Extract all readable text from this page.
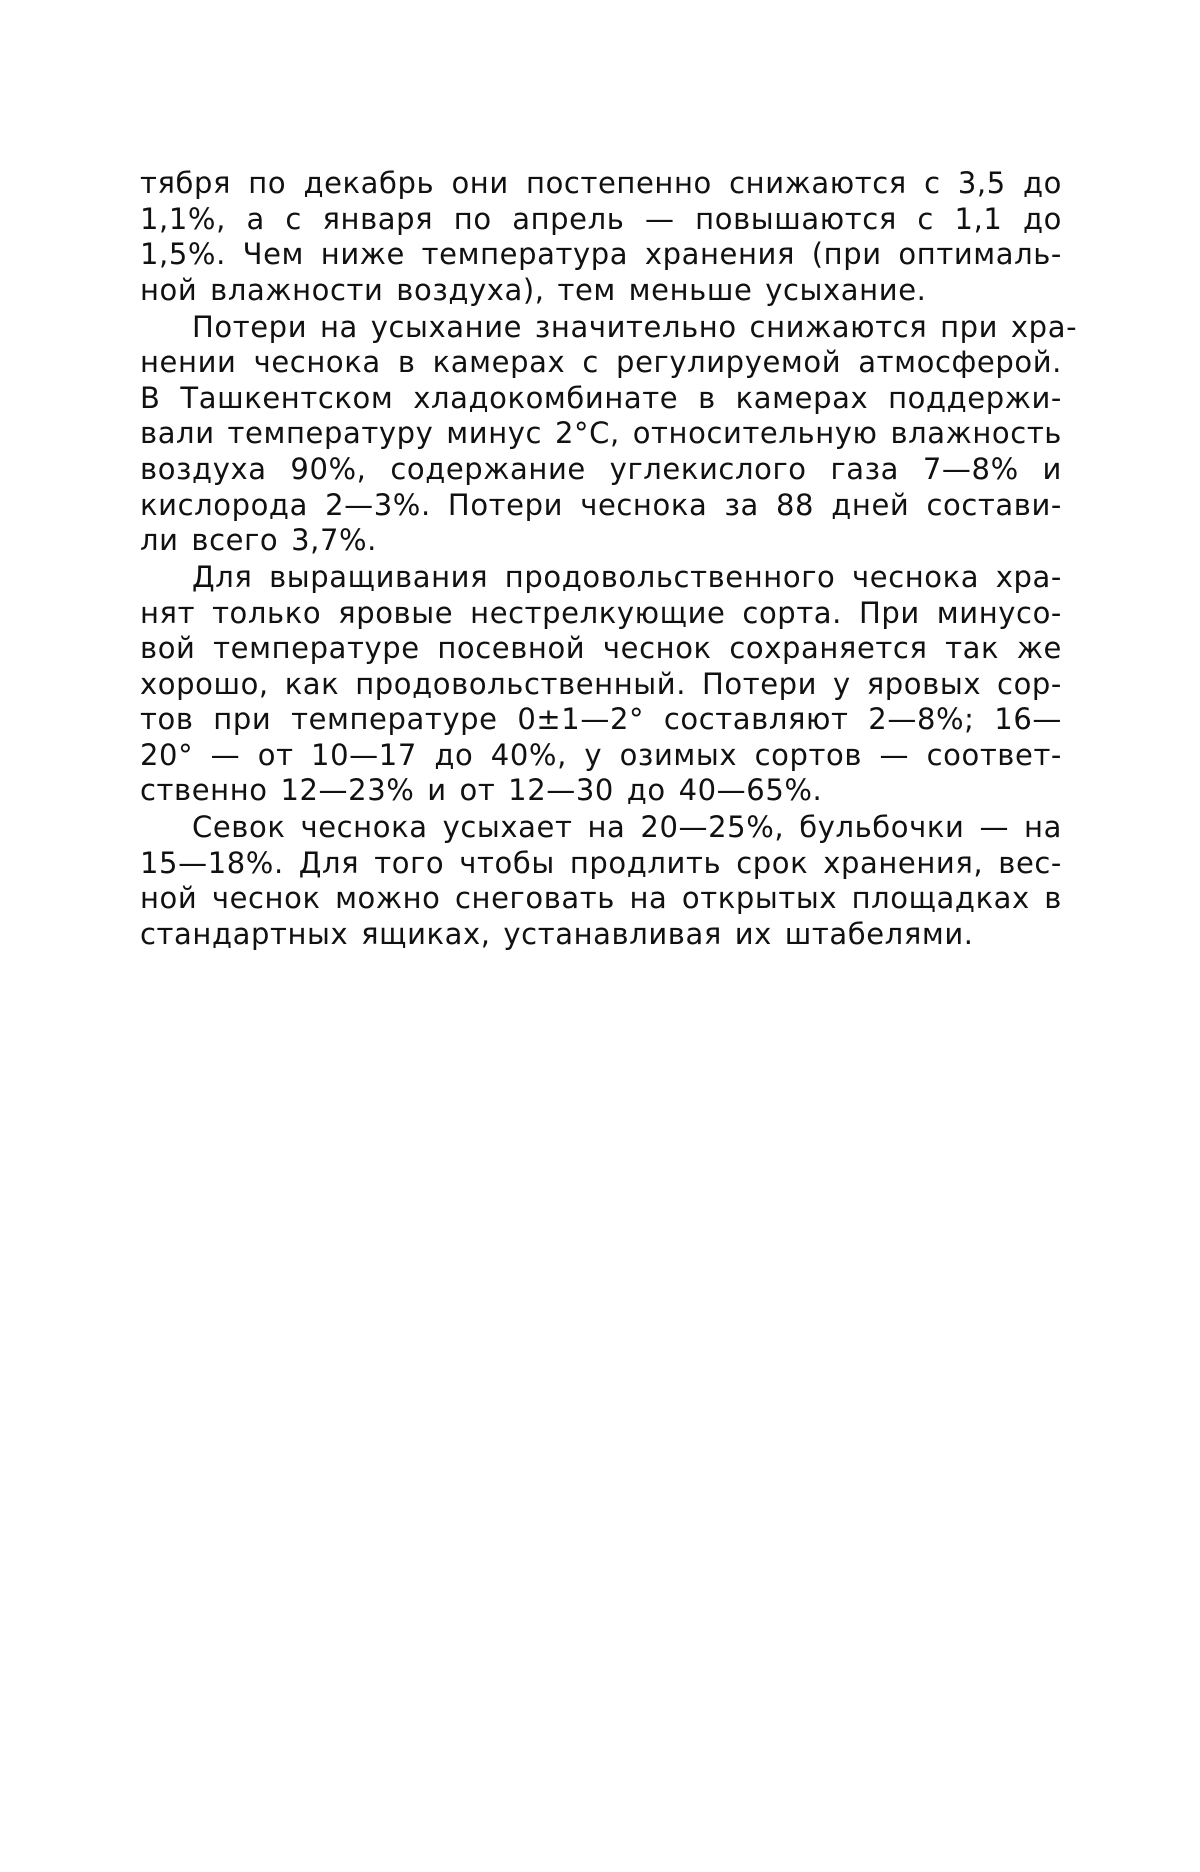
тября по декабрь они постепенно снижаются с 3,5 до
1,1%, а с января по апрель — повышаются с 1,1 до
1,5%. Чем ниже температура хранения (при оптималь-
ной влажности воздуха), тем меньше усыхание.
Потери на усыхание значительно снижаются при хра-
нении чеснока в камерах с регулируемой атмосферой.
В Ташкентском хладокомбинате в камерах поддержи-
вали температуру минус 2°С, относительную влажность
воздуха 90%, содержание углекислого газа 7—8% и
кислорода 2—3%. Потери чеснока за 88 дней состави-
ли всего 3,7%.
Для выращивания продовольственного чеснока хра-
нят только яровые нестрелкующие сорта. При минусо-
вой температуре посевной чеснок сохраняется так же
хорошо, как продовольственный. Потери у яровых сор-
тов при температуре 0±1—2° составляют 2—8%; 16—
20° — от 10—17 до 40%, у озимых сортов — соответ-
ственно 12—23% и от 12—30 до 40—65%.
Севок чеснока усыхает на 20—25%, бульбочки — на
15—18%. Для того чтобы продлить срок хранения, вес-
ной чеснок можно снеговать на открытых площадках в
стандартных ящиках, устанавливая их штабелями.
